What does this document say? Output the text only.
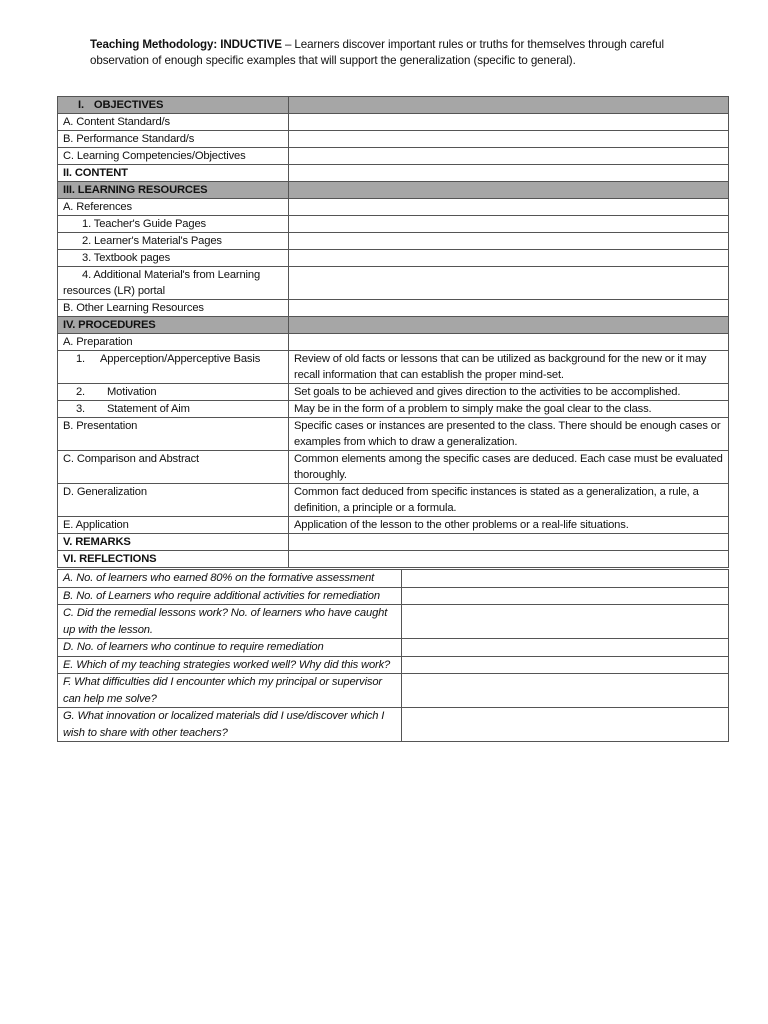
Teaching Methodology: INDUCTIVE – Learners discover important rules or truths for themselves through careful observation of enough specific examples that will support the generalization (specific to general).
I. OBJECTIVES	
A. Content Standard/s	
B. Performance Standard/s	
C. Learning Competencies/Objectives	
II. CONTENT	
III. LEARNING RESOURCES	
A. References	
1. Teacher's Guide Pages	
2. Learner's Material's Pages	
3. Textbook pages	
4. Additional Material's from Learning resources (LR) portal	
B. Other Learning Resources	
IV. PROCEDURES	
A. Preparation	
1. Apperception/Apperceptive Basis	Review of old facts or lessons that can be utilized as background for the new or it may recall information that can establish the proper mind-set.
2. Motivation	Set goals to be achieved and gives direction to the activities to be accomplished.
3. Statement of Aim	May be in the form of a problem to simply make the goal clear to the class.
B. Presentation	Specific cases or instances are presented to the class. There should be enough cases or examples from which to draw a generalization.
C. Comparison and Abstract	Common elements among the specific cases are deduced. Each case must be evaluated thoroughly.
D. Generalization	Common fact deduced from specific instances is stated as a generalization, a rule, a definition, a principle or a formula.
E. Application	Application of the lesson to the other problems or a real-life situations.
V. REMARKS	
VI. REFLECTIONS	
A. No. of learners who earned 80% on the formative assessment	
B. No. of Learners who require additional activities for remediation	
C. Did the remedial lessons work? No. of learners who have caught up with the lesson.	
D. No. of learners who continue to require remediation	
E. Which of my teaching strategies worked well? Why did this work?	
F. What difficulties did I encounter which my principal or supervisor can help me solve?	
G. What innovation or localized materials did I use/discover which I wish to share with other teachers?	
